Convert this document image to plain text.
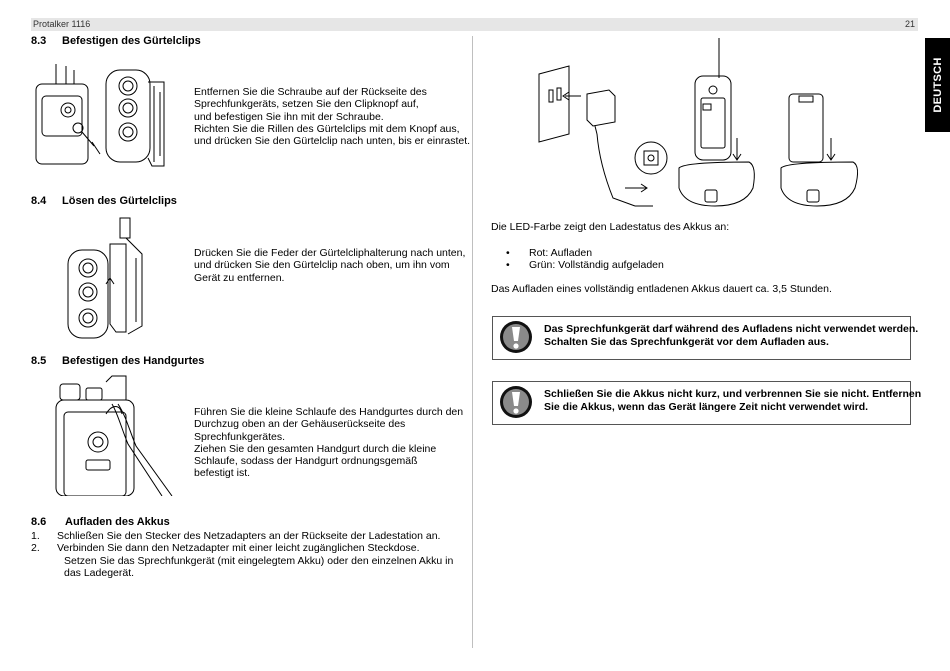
Protalker 1116	21
DEUTSCH
8.3 Befestigen des Gürtelclips
Entfernen Sie die Schraube auf der Rückseite des
Sprechfunkgeräts, setzen Sie den Clipknopf auf,
und befestigen Sie ihn mit der Schraube.
Richten Sie die Rillen des Gürtelclips mit dem Knopf aus,
und drücken Sie den Gürtelclip nach unten, bis er einrastet.
8.4 Lösen des Gürtelclips
Drücken Sie die Feder der Gürtelcliphalterung nach unten,
und drücken Sie den Gürtelclip nach oben, um ihn vom
Gerät zu entfernen.
8.5 Befestigen des Handgurtes
Führen Sie die kleine Schlaufe des Handgurtes durch den
Durchzug oben an der Gehäuserückseite des
Sprechfunkgerätes.
Ziehen Sie den gesamten Handgurt durch die kleine
Schlaufe, sodass der Handgurt ordnungsgemäß
befestigt ist.
8.6 Aufladen des Akkus
1. Schließen Sie den Stecker des Netzadapters an der Rückseite der Ladestation an.
2. Verbinden Sie dann den Netzadapter mit einer leicht zugänglichen Steckdose.
Setzen Sie das Sprechfunkgerät (mit eingelegtem Akku) oder den einzelnen Akku in
das Ladegerät.
Die LED-Farbe zeigt den Ladestatus des Akkus an:
• Rot: Aufladen
• Grün: Vollständig aufgeladen
Das Aufladen eines vollständig entladenen Akkus dauert ca. 3,5 Stunden.
Das Sprechfunkgerät darf während des Aufladens nicht verwendet werden.
Schalten Sie das Sprechfunkgerät vor dem Aufladen aus.
Schließen Sie die Akkus nicht kurz, und verbrennen Sie sie nicht. Entfernen
Sie die Akkus, wenn das Gerät längere Zeit nicht verwendet wird.
